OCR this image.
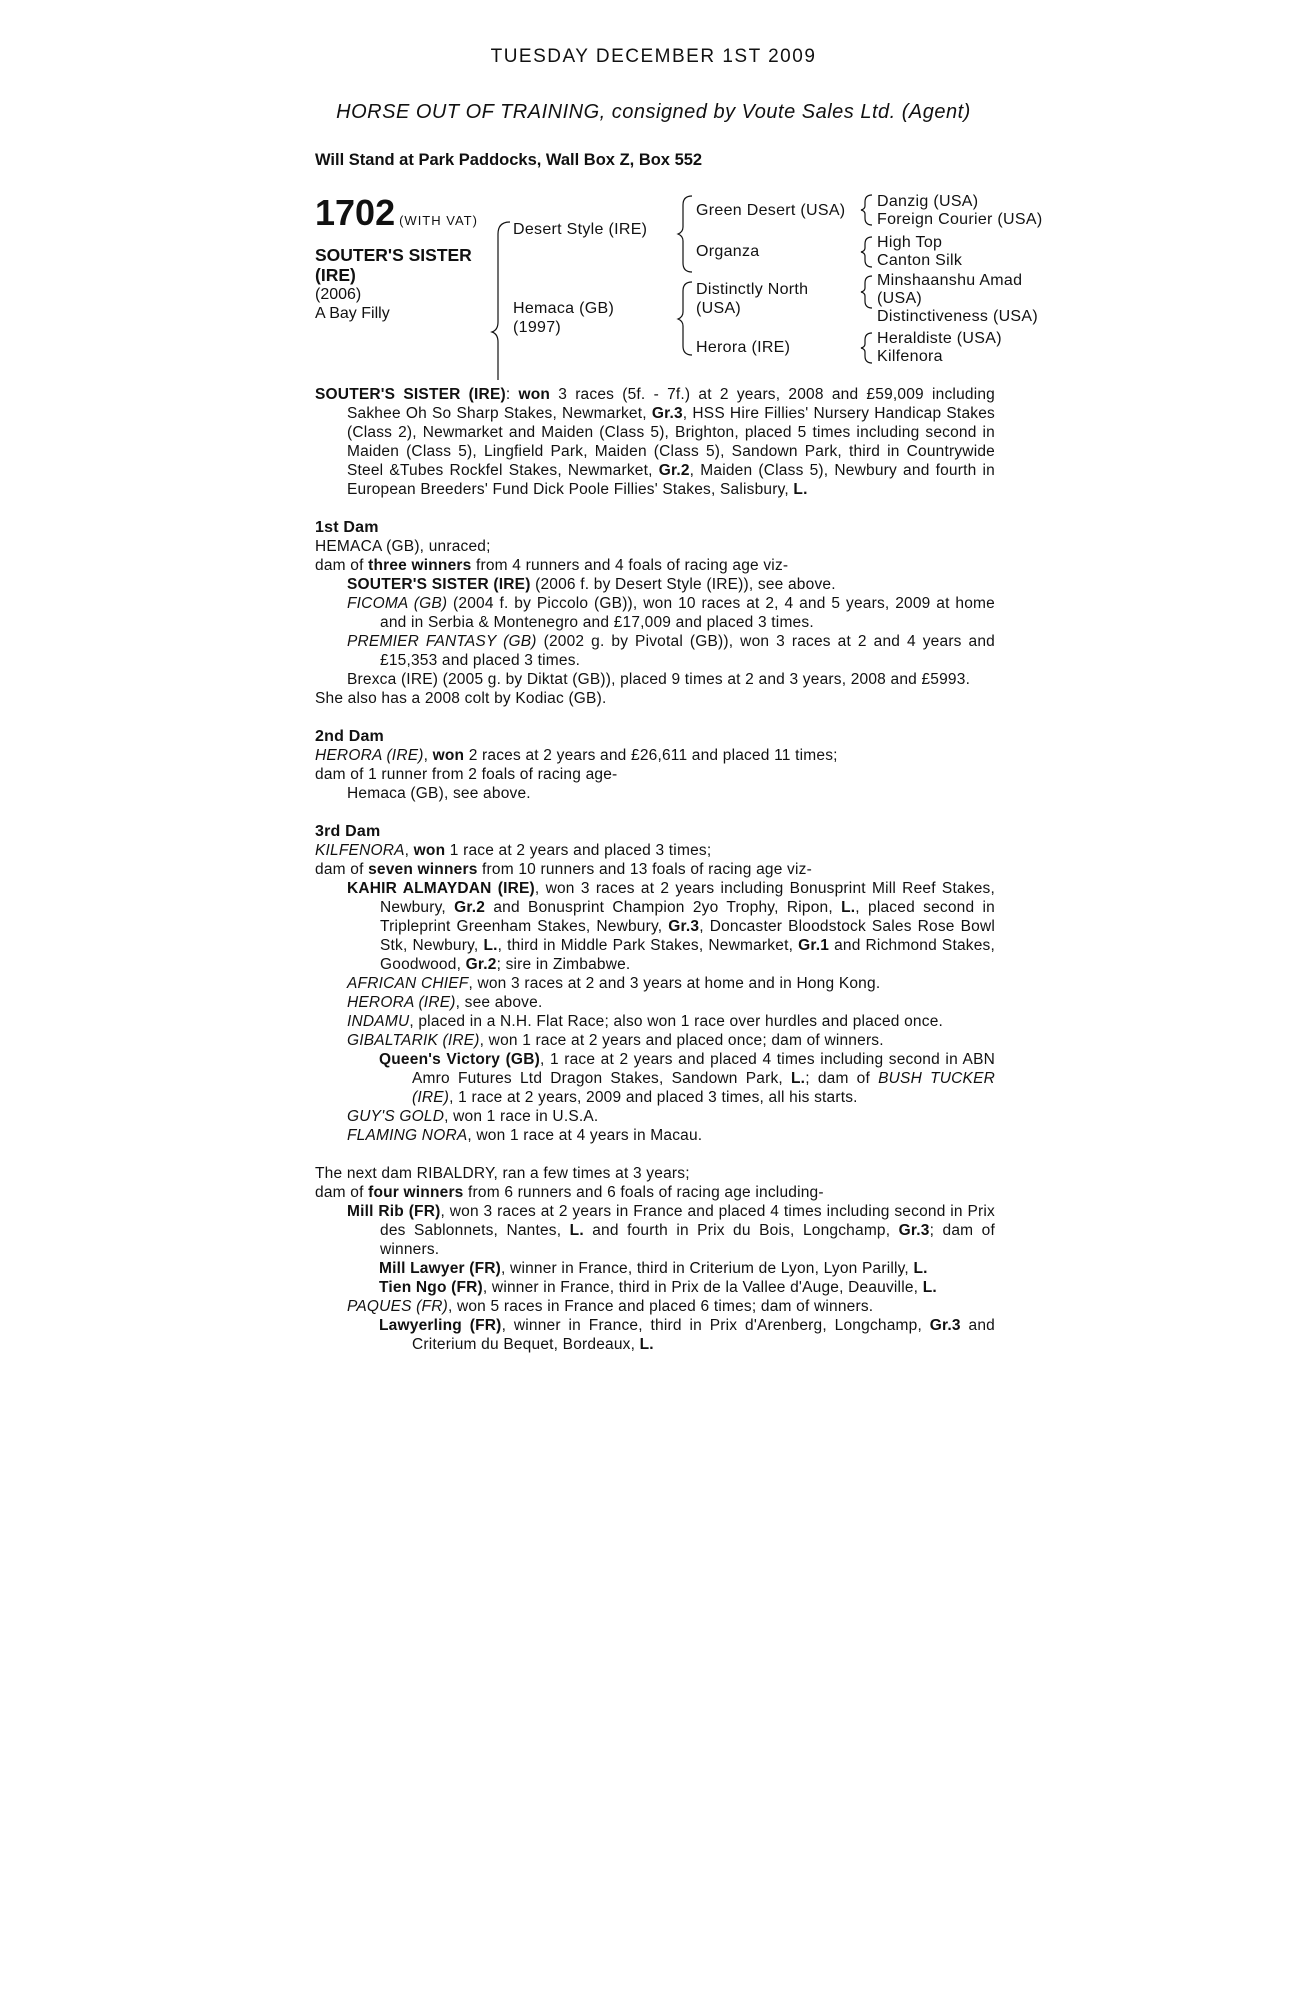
TUESDAY DECEMBER 1ST 2009
HORSE OUT OF TRAINING, consigned by Voute Sales Ltd. (Agent)
Will Stand at Park Paddocks, Wall Box Z, Box 552
1702 (WITH VAT)
SOUTER'S SISTER
(IRE)
(2006)
A Bay Filly
Desert Style (IRE)
Hemaca (GB)
(1997)
Green Desert (USA)
Organza
Distinctly North
(USA)
Herora (IRE)
Danzig (USA)
Foreign Courier (USA)
High Top
Canton Silk
Minshaanshu Amad
(USA)
Distinctiveness (USA)
Heraldiste (USA)
Kilfenora

SOUTER'S SISTER (IRE): won 3 races (5f. - 7f.) at 2 years, 2008 and £59,009 including Sakhee Oh So Sharp Stakes, Newmarket, Gr.3, HSS Hire Fillies' Nursery Handicap Stakes (Class 2), Newmarket and Maiden (Class 5), Brighton, placed 5 times including second in Maiden (Class 5), Lingfield Park, Maiden (Class 5), Sandown Park, third in Countrywide Steel &Tubes Rockfel Stakes, Newmarket, Gr.2, Maiden (Class 5), Newbury and fourth in European Breeders' Fund Dick Poole Fillies' Stakes, Salisbury, L.

1st Dam

HEMACA (GB), unraced;

dam of three winners from 4 runners and 4 foals of racing age viz-

SOUTER'S SISTER (IRE) (2006 f. by Desert Style (IRE)), see above.

FICOMA (GB) (2004 f. by Piccolo (GB)), won 10 races at 2, 4 and 5 years, 2009 at home and in Serbia & Montenegro and £17,009 and placed 3 times.

PREMIER FANTASY (GB) (2002 g. by Pivotal (GB)), won 3 races at 2 and 4 years and £15,353 and placed 3 times.

Brexca (IRE) (2005 g. by Diktat (GB)), placed 9 times at 2 and 3 years, 2008 and £5993.

She also has a 2008 colt by Kodiac (GB).

2nd Dam

HERORA (IRE), won 2 races at 2 years and £26,611 and placed 11 times;

dam of 1 runner from 2 foals of racing age-

Hemaca (GB), see above.

3rd Dam

KILFENORA, won 1 race at 2 years and placed 3 times;

dam of seven winners from 10 runners and 13 foals of racing age viz-

KAHIR ALMAYDAN (IRE), won 3 races at 2 years including Bonusprint Mill Reef Stakes, Newbury, Gr.2 and Bonusprint Champion 2yo Trophy, Ripon, L., placed second in Tripleprint Greenham Stakes, Newbury, Gr.3, Doncaster Bloodstock Sales Rose Bowl Stk, Newbury, L., third in Middle Park Stakes, Newmarket, Gr.1 and Richmond Stakes, Goodwood, Gr.2; sire in Zimbabwe.

AFRICAN CHIEF, won 3 races at 2 and 3 years at home and in Hong Kong.

HERORA (IRE), see above.

INDAMU, placed in a N.H. Flat Race; also won 1 race over hurdles and placed once.

GIBALTARIK (IRE), won 1 race at 2 years and placed once; dam of winners.

Queen's Victory (GB), 1 race at 2 years and placed 4 times including second in ABN Amro Futures Ltd Dragon Stakes, Sandown Park, L.; dam of BUSH TUCKER (IRE), 1 race at 2 years, 2009 and placed 3 times, all his starts.

GUY'S GOLD, won 1 race in U.S.A.

FLAMING NORA, won 1 race at 4 years in Macau.

The next dam RIBALDRY, ran a few times at 3 years;

dam of four winners from 6 runners and 6 foals of racing age including-

Mill Rib (FR), won 3 races at 2 years in France and placed 4 times including second in Prix des Sablonnets, Nantes, L. and fourth in Prix du Bois, Longchamp, Gr.3; dam of winners.

Mill Lawyer (FR), winner in France, third in Criterium de Lyon, Lyon Parilly, L.

Tien Ngo (FR), winner in France, third in Prix de la Vallee d'Auge, Deauville, L.

PAQUES (FR), won 5 races in France and placed 6 times; dam of winners.

Lawyerling (FR), winner in France, third in Prix d'Arenberg, Longchamp, Gr.3 and Criterium du Bequet, Bordeaux, L.
